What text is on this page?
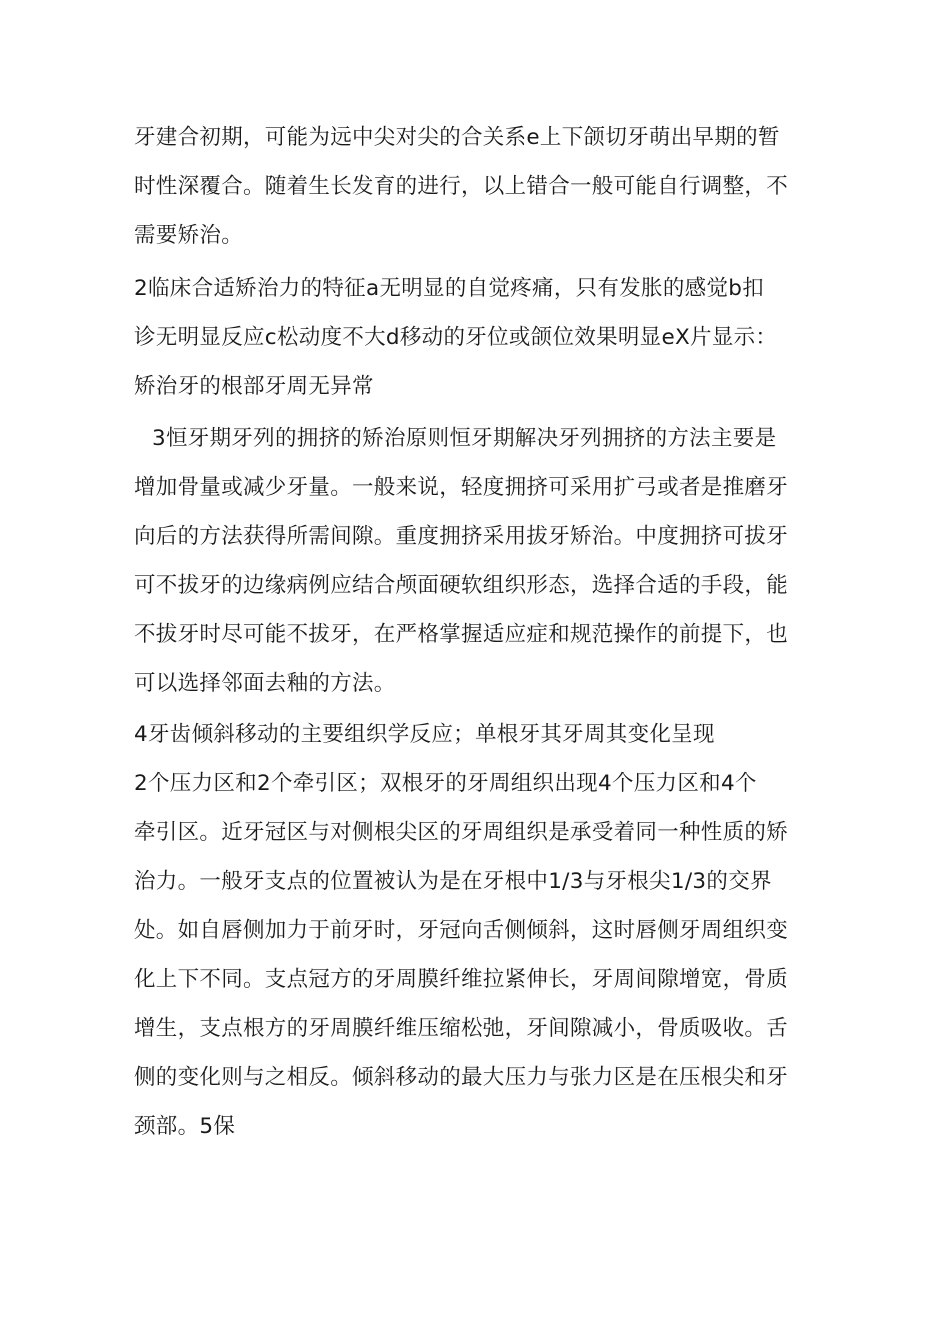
牙建合初期，可能为远中尖对尖的合关系e上下颌切牙萌出早期的暂
时性深覆合。随着生长发育的进行，以上错合一般可能自行调整，不
需要矫治。
2临床合适矫治力的特征a无明显的自觉疼痛，只有发胀的感觉b扣
诊无明显反应c松动度不大d移动的牙位或颌位效果明显eX片显示：
矫治牙的根部牙周无异常
3恒牙期牙列的拥挤的矫治原则恒牙期解决牙列拥挤的方法主要是
增加骨量或减少牙量。一般来说，轻度拥挤可采用扩弓或者是推磨牙
向后的方法获得所需间隙。重度拥挤采用拔牙矫治。中度拥挤可拔牙
可不拔牙的边缘病例应结合颅面硬软组织形态，选择合适的手段，能
不拔牙时尽可能不拔牙，在严格掌握适应症和规范操作的前提下，也
可以选择邻面去釉的方法。
4牙齿倾斜移动的主要组织学反应；单根牙其牙周其变化呈现
2个压力区和2个牵引区；双根牙的牙周组织出现4个压力区和4个
牵引区。近牙冠区与对侧根尖区的牙周组织是承受着同一种性质的矫
治力。一般牙支点的位置被认为是在牙根中1/3与牙根尖1/3的交界
处。如自唇侧加力于前牙时，牙冠向舌侧倾斜，这时唇侧牙周组织变
化上下不同。支点冠方的牙周膜纤维拉紧伸长，牙周间隙增宽，骨质
增生，支点根方的牙周膜纤维压缩松弛，牙间隙减小，骨质吸收。舌
侧的变化则与之相反。倾斜移动的最大压力与张力区是在压根尖和牙
颈部。5保
